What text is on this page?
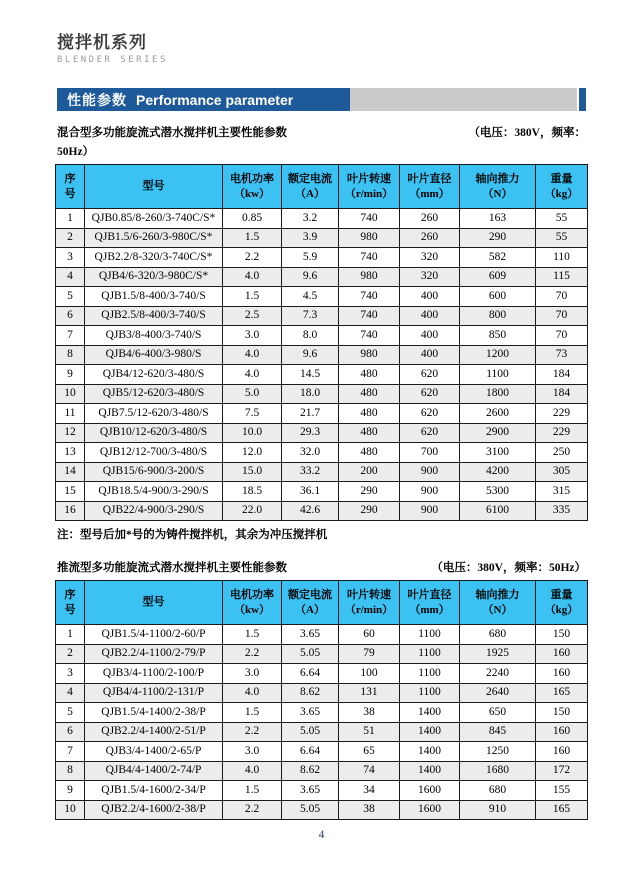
搅拌机系列
BLENDER SERIES
性能参数 Performance parameter
混合型多功能旋流式潜水搅拌机主要性能参数	（电压：380V，频率：
50Hz）
序
号	型号	电机功率
（kw）	额定电流
（A）	叶片转速
（r/min）	叶片直径
（mm）	轴向推力
（N）	重量
（kg）

1	QJB0.85/8-260/3-740C/S*	0.85	3.2	740	260	163	55
2	QJB1.5/6-260/3-980C/S*	1.5	3.9	980	260	290	55
3	QJB2.2/8-320/3-740C/S*	2.2	5.9	740	320	582	110
4	QJB4/6-320/3-980C/S*	4.0	9.6	980	320	609	115
5	QJB1.5/8-400/3-740/S	1.5	4.5	740	400	600	70
6	QJB2.5/8-400/3-740/S	2.5	7.3	740	400	800	70
7	QJB3/8-400/3-740/S	3.0	8.0	740	400	850	70
8	QJB4/6-400/3-980/S	4.0	9.6	980	400	1200	73
9	QJB4/12-620/3-480/S	4.0	14.5	480	620	1100	184
10	QJB5/12-620/3-480/S	5.0	18.0	480	620	1800	184
11	QJB7.5/12-620/3-480/S	7.5	21.7	480	620	2600	229
12	QJB10/12-620/3-480/S	10.0	29.3	480	620	2900	229
13	QJB12/12-700/3-480/S	12.0	32.0	480	700	3100	250
14	QJB15/6-900/3-200/S	15.0	33.2	200	900	4200	305
15	QJB18.5/4-900/3-290/S	18.5	36.1	290	900	5300	315
16	QJB22/4-900/3-290/S	22.0	42.6	290	900	6100	335
注：型号后加*号的为铸件搅拌机，其余为冲压搅拌机
推流型多功能旋流式潜水搅拌机主要性能参数	（电压：380V，频率：50Hz）
序
号	型号	电机功率
（kw）	额定电流
（A）	叶片转速
（r/min）	叶片直径
（mm）	轴向推力
（N）	重量
（kg）

1	QJB1.5/4-1100/2-60/P	1.5	3.65	60	1100	680	150
2	QJB2.2/4-1100/2-79/P	2.2	5.05	79	1100	1925	160
3	QJB3/4-1100/2-100/P	3.0	6.64	100	1100	2240	160
4	QJB4/4-1100/2-131/P	4.0	8.62	131	1100	2640	165
5	QJB1.5/4-1400/2-38/P	1.5	3.65	38	1400	650	150
6	QJB2.2/4-1400/2-51/P	2.2	5.05	51	1400	845	160
7	QJB3/4-1400/2-65/P	3.0	6.64	65	1400	1250	160
8	QJB4/4-1400/2-74/P	4.0	8.62	74	1400	1680	172
9	QJB1.5/4-1600/2-34/P	1.5	3.65	34	1600	680	155
10	QJB2.2/4-1600/2-38/P	2.2	5.05	38	1600	910	165
4
